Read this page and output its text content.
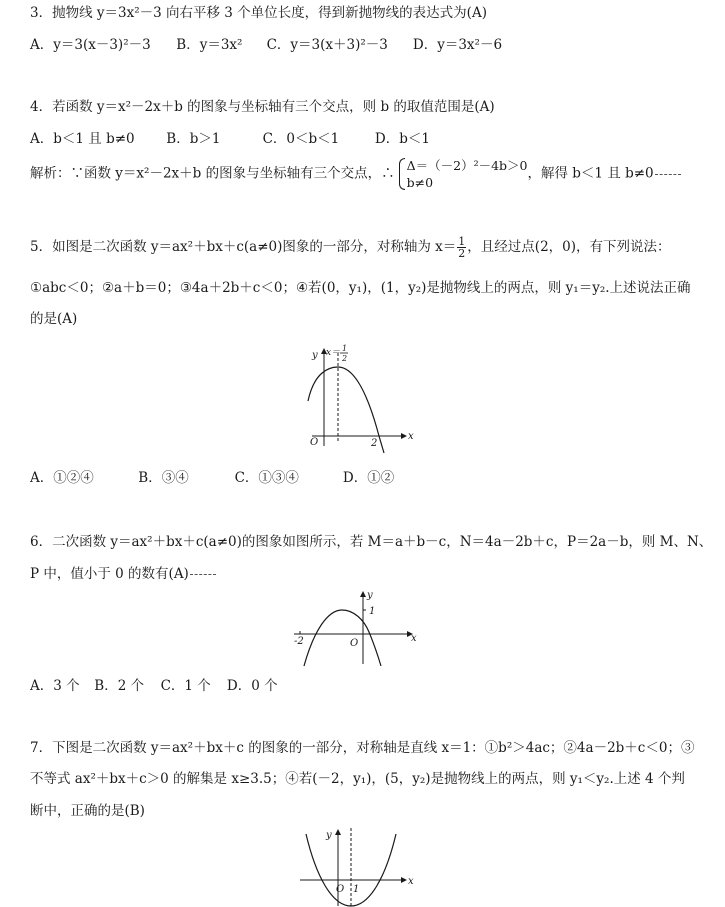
3．抛物线 y＝3x²－3 向右平移 3 个单位长度，得到新抛物线的表达式为(A)
A．y＝3(x－3)²－3 B．y＝3x² C．y＝3(x＋3)²－3 D．y＝3x²－6
4．若函数 y＝x²－2x＋b 的图象与坐标轴有三个交点，则 b 的取值范围是(A)
A．b＜1 且 b≠0 B．b＞1	C．0＜b＜1	D．b＜1
解析：∵函数 y＝x²－2x＋b 的图象与坐标轴有三个交点，∴ Δ＝（－2）²－4b＞0
b≠0
，解得 b＜1 且 b≠0
5．如图是二次函数 y＝ax²＋bx＋c(a≠0)图象的一部分，对称轴为 $x= \frac{1}{2}$ ，且经过点(2，0)，有下列说法：
①abc＜0；②a＋b＝0；③4a＋2b＋c＜0；④若(0，y₁)，(1，y₂)是抛物线上的两点，则 y₁＝y₂.上述说法正确
的是(A)
y
x
O	2
x＝ 1
2
A．①②④	B．③④	C．①③④	D．①②
6．二次函数 y＝ax²＋bx＋c(a≠0)的图象如图所示，若 M＝a＋b－c，N＝4a－2b＋c，P＝2a－b，则 M、N、
P 中，值小于 0 的数有(A)
y
x
O
-2
1
A．3 个 B．2 个 C．1 个 D．0 个
7．下图是二次函数 y＝ax²＋bx＋c 的图象的一部分，对称轴是直线 x＝1：①b²＞4ac；②4a－2b＋c＜0；③
不等式 ax²＋bx＋c＞0 的解集是 x≥3.5；④若(－2，y₁)，(5，y₂)是抛物线上的两点，则 y₁＜y₂.上述 4 个判
断中，正确的是(B)
y
x
O 1
